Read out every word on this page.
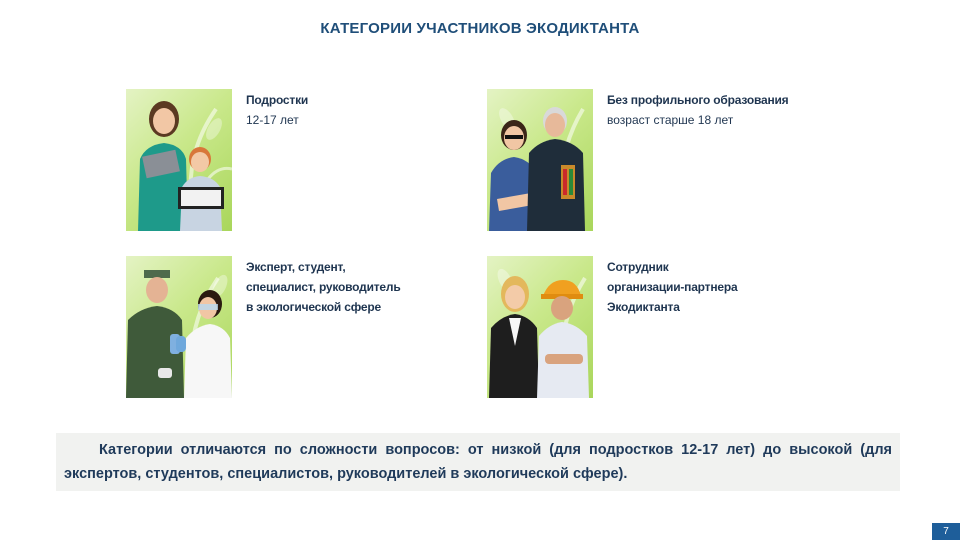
КАТЕГОРИИ УЧАСТНИКОВ ЭКОДИКТАНТА
Подростки
12-17 лет
Без профильного образования
возраст старше 18 лет
Эксперт, студент,
специалист, руководитель
в экологической сфере
Сотрудник
организации-партнера
Экодиктанта

Категории отличаются по сложности вопросов: от низкой (для подростков 12-17 лет) до высокой (для экспертов, студентов, специалистов, руководителей в экологической сфере).

7
